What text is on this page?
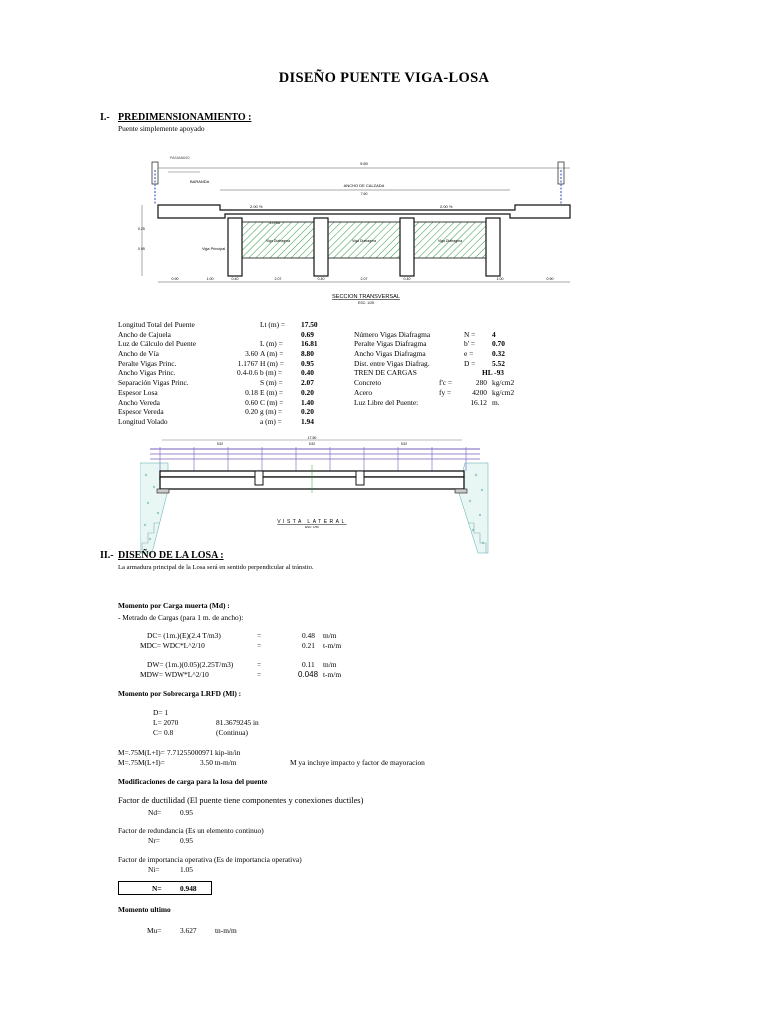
DISEÑO PUENTE VIGA-LOSA
I.- PREDIMENSIONAMIENTO :
Puente simplemente apoyado
9.80
BARANDA
PASAMANO
ANCHO DE CALZADA
7.60
2.00 %	2.00 %
Viga Diafragma	Viga Diafragma	Viga Diafragma
Viga Principal
0.25
0.95
0.90	1.00	0.40	2.07	0.40	2.07	0.40	1.00	0.90
SECCION TRANSVERSAL
ESC: 1/25
Longitud Total del Puente	Lt (m) = 17.50
Ancho de Cajuela	0.69
Luz de Cálculo del Puente	L (m) = 16.81
Ancho de Vía	3.60 A (m) = 8.80
Peralte Vigas Princ.	1.1767 H (m) = 0.95
Ancho Vigas Princ.	0.4-0.6 b (m) =	0.40
Separación Vigas Princ.	S (m) = 2.07
Espesor Losa	0.18 E (m) = 0.20
Ancho Vereda	0.60 C (m) = 1.40
Espesor Vereda	0.20 g (m) =	0.20
Longitud Volado	a (m) =	1.94
Número Vigas Diafragma	N = 4
Peralte Vigas Diafragma	b' = 0.70
Ancho Vigas Diafragma	e =	0.32
Dist. entre Vigas Diafrag.	D = 5.52
TREN DE CARGAS	HL -93
Concreto	f'c =	280 kg/cm2
Acero	fy =	4200 kg/cm2
Luz Libre del Puente:	16.12 m.
17.50
5.52	5.52	5.52
VISTA LATERAL
ESC: 1/50
II.- DISEÑO DE LA LOSA :
La armadura principal de la Losa será en sentido perpendicular al tránsito.
Momento por Carga muerta (Md) :
- Metrado de Cargas (para 1 m. de ancho):
DC= (1m.)(E)(2.4 T/m3)	=	0.48 tn/m
MDC= WDC*L^2/10	=	0.21 t-m/m
DW= (1m.)(0.05)(2.25T/m3)	=	0.11 tn/m
MDW= WDW*L^2/10	=	0.048 t-m/m
Momento por Sobrecarga LRFD (Ml) :
D= 1
L= 2070	81.3679245 in
C= 0.8	(Continua)
M=.75M(L+I)= 7.71255000971 kip-in/in
M=.75M(L+I)=	3.50 tn-m/m	M ya incluye impacto y factor de mayoracion
Modificaciones de carga para la losa del puente
Factor de ductilidad (El puente tiene componentes y conexiones ductiles)
Nd=	0.95
Factor de redundancia (Es un elemento continuo)
Nr=	0.95
Factor de importancia operativa (Es de importancia operativa)
Ni=	1.05
N= 0.948
Momento ultimo
Mu=	3.627 tn-m/m
